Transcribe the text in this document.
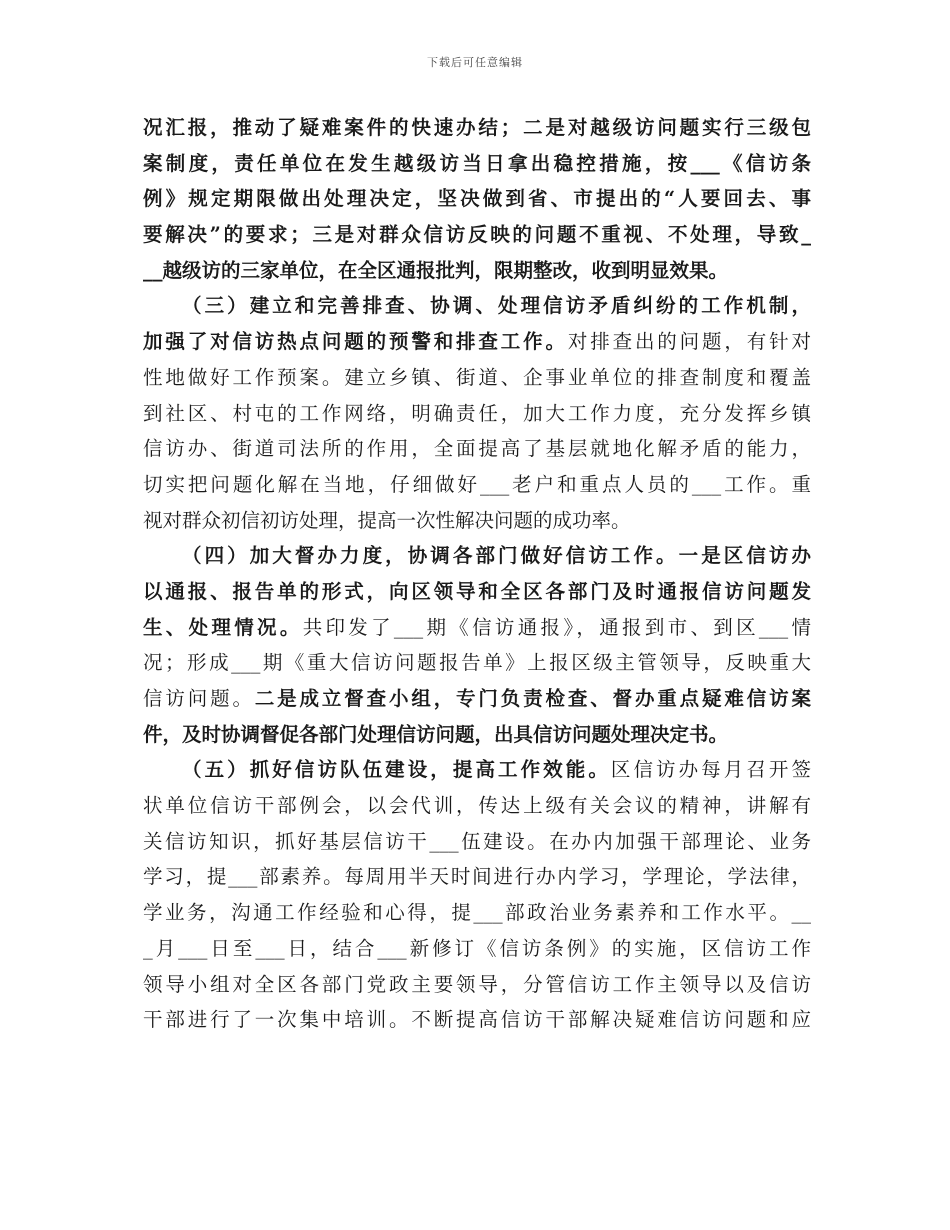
下载后可任意编辑
况汇报，推动了疑难案件的快速办结；二是对越级访问题实行三级包
案制度，责任单位在发生越级访当日拿出稳控措施，按___《信访条
例》规定期限做出处理决定，坚决做到省、市提出的“人要回去、事
要解决”的要求；三是对群众信访反映的问题不重视、不处理，导致_
__越级访的三家单位，在全区通报批判，限期整改，收到明显效果。
（三）建立和完善排查、协调、处理信访矛盾纠纷的工作机制，
加强了对信访热点问题的预警和排查工作。对排查出的问题，有针对
性地做好工作预案。建立乡镇、街道、企事业单位的排查制度和覆盖
到社区、村屯的工作网络，明确责任，加大工作力度，充分发挥乡镇
信访办、街道司法所的作用，全面提高了基层就地化解矛盾的能力，
切实把问题化解在当地，仔细做好___老户和重点人员的___工作。重
视对群众初信初访处理，提高一次性解决问题的成功率。
（四）加大督办力度，协调各部门做好信访工作。一是区信访办
以通报、报告单的形式，向区领导和全区各部门及时通报信访问题发
生、处理情况。共印发了___期《信访通报》，通报到市、到区___情
况；形成___期《重大信访问题报告单》上报区级主管领导，反映重大
信访问题。二是成立督查小组，专门负责检查、督办重点疑难信访案
件，及时协调督促各部门处理信访问题，出具信访问题处理决定书。
（五）抓好信访队伍建设，提高工作效能。区信访办每月召开签
状单位信访干部例会，以会代训，传达上级有关会议的精神，讲解有
关信访知识，抓好基层信访干___伍建设。在办内加强干部理论、业务
学习，提___部素养。每周用半天时间进行办内学习，学理论，学法律，
学业务，沟通工作经验和心得，提___部政治业务素养和工作水平。__
_月___日至___日，结合___新修订《信访条例》的实施，区信访工作
领导小组对全区各部门党政主要领导，分管信访工作主领导以及信访
干部进行了一次集中培训。不断提高信访干部解决疑难信访问题和应
